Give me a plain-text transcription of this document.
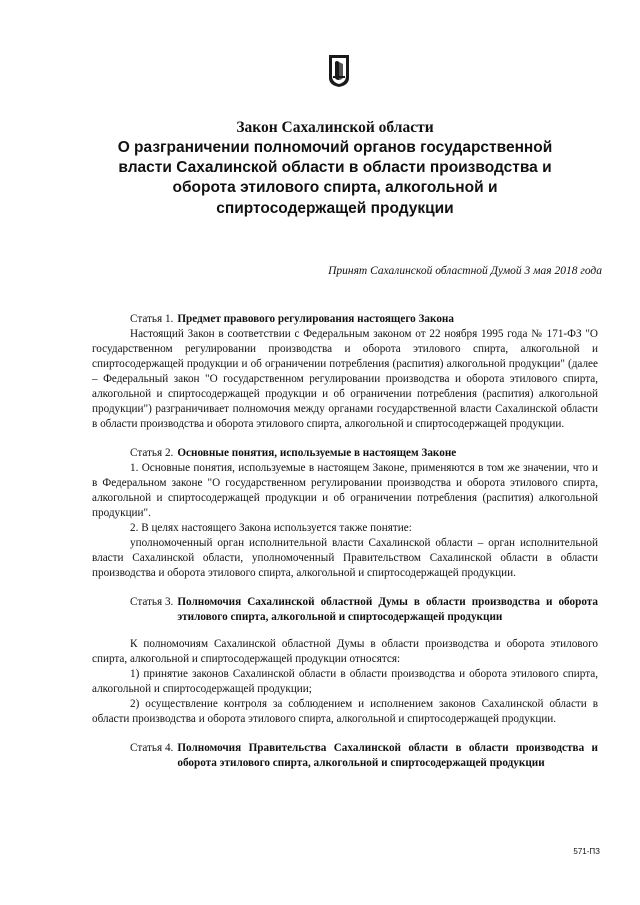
Закон Сахалинской области
О разграничении полномочий органов государственной власти Сахалинской области в области производства и оборота этилового спирта, алкогольной и спиртосодержащей продукции
Принят Сахалинской областной Думой 3 мая 2018 года
Статья 1. Предмет правового регулирования настоящего Закона

Настоящий Закон в соответствии с Федеральным законом от 22 ноября 1995 года № 171-ФЗ "О государственном регулировании производства и оборота этилового спирта, алкогольной и спиртосодержащей продукции и об ограничении потребления (распития) алкогольной продукции" (далее – Федеральный закон "О государственном регулировании производства и оборота этилового спирта, алкогольной и спиртосодержащей продукции и об ограничении потребления (распития) алкогольной продукции") разграничивает полномочия между органами государственной власти Сахалинской области в области производства и оборота этилового спирта, алкогольной и спиртосодержащей продукции.

Статья 2. Основные понятия, используемые в настоящем Законе

1. Основные понятия, используемые в настоящем Законе, применяются в том же значении, что и в Федеральном законе "О государственном регулировании производства и оборота этилового спирта, алкогольной и спиртосодержащей продукции и об ограничении потребления (распития) алкогольной продукции".

2. В целях настоящего Закона используется также понятие:

уполномоченный орган исполнительной власти Сахалинской области – орган исполнительной власти Сахалинской области, уполномоченный Правительством Сахалинской области в области производства и оборота этилового спирта, алкогольной и спиртосодержащей продукции.

Статья 3. Полномочия Сахалинской областной Думы в области производства и оборота этилового спирта, алкогольной и спиртосодержащей продукции

К полномочиям Сахалинской областной Думы в области производства и оборота этилового спирта, алкогольной и спиртосодержащей продукции относятся:

1) принятие законов Сахалинской области в области производства и оборота этилового спирта, алкогольной и спиртосодержащей продукции;

2) осуществление контроля за соблюдением и исполнением законов Сахалинской области в области производства и оборота этилового спирта, алкогольной и спиртосодержащей продукции.

Статья 4. Полномочия Правительства Сахалинской области в области производства и оборота этилового спирта, алкогольной и спиртосодержащей продукции
571-ПЗ
